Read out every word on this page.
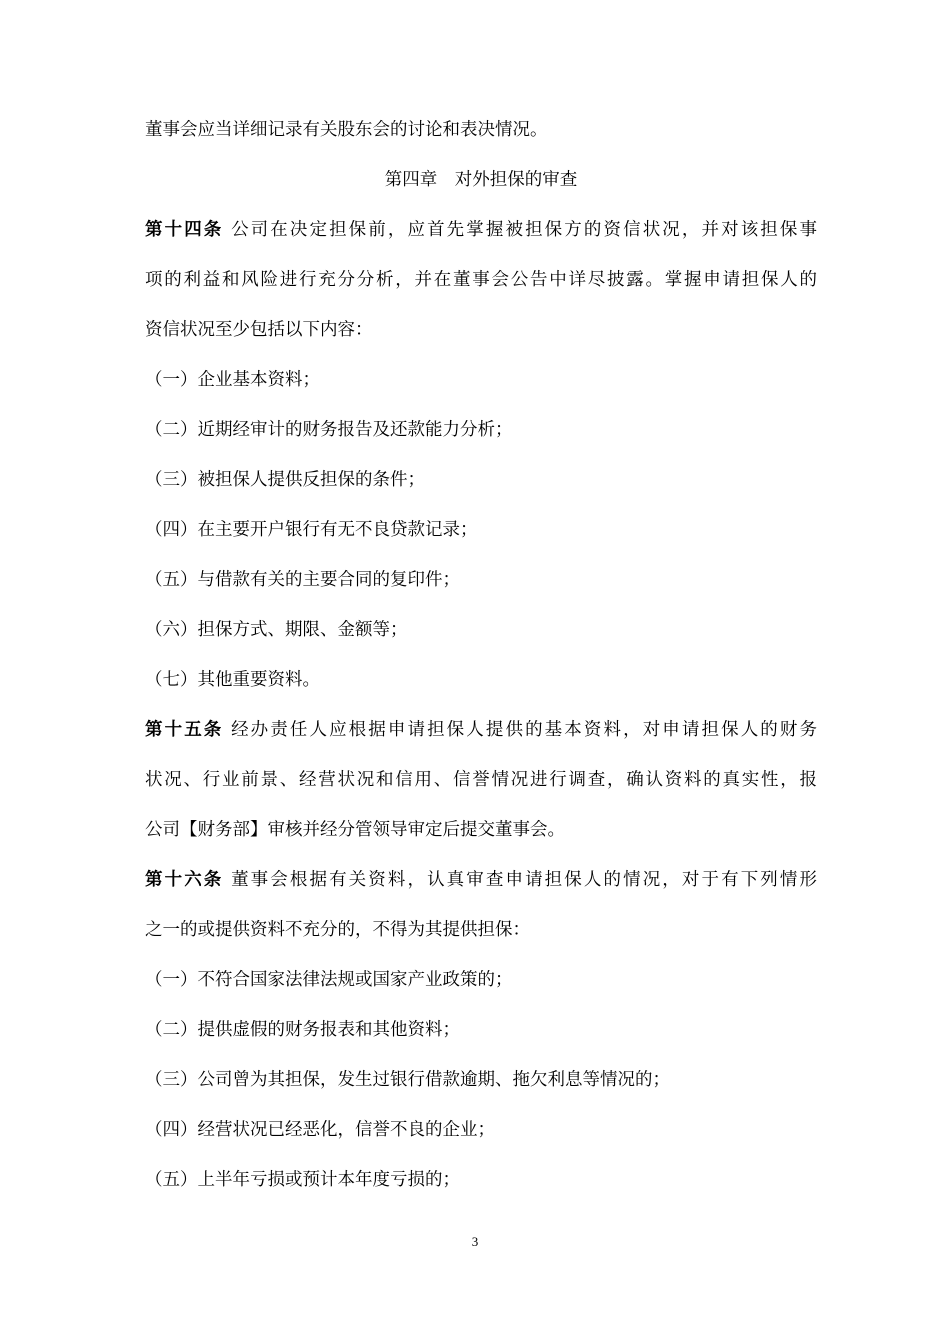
董事会应当详细记录有关股东会的讨论和表决情况。
第四章　对外担保的审查
第十四条 公司在决定担保前，应首先掌握被担保方的资信状况，并对该担保事
项的利益和风险进行充分分析，并在董事会公告中详尽披露。掌握申请担保人的
资信状况至少包括以下内容：
（一）企业基本资料；
（二）近期经审计的财务报告及还款能力分析；
（三）被担保人提供反担保的条件；
（四）在主要开户银行有无不良贷款记录；
（五）与借款有关的主要合同的复印件；
（六）担保方式、期限、金额等；
（七）其他重要资料。
第十五条 经办责任人应根据申请担保人提供的基本资料，对申请担保人的财务
状况、行业前景、经营状况和信用、信誉情况进行调查，确认资料的真实性，报
公司【财务部】审核并经分管领导审定后提交董事会。
第十六条 董事会根据有关资料，认真审查申请担保人的情况，对于有下列情形
之一的或提供资料不充分的，不得为其提供担保：
（一）不符合国家法律法规或国家产业政策的；
（二）提供虚假的财务报表和其他资料；
（三）公司曾为其担保，发生过银行借款逾期、拖欠利息等情况的；
（四）经营状况已经恶化，信誉不良的企业；
（五）上半年亏损或预计本年度亏损的；
3
